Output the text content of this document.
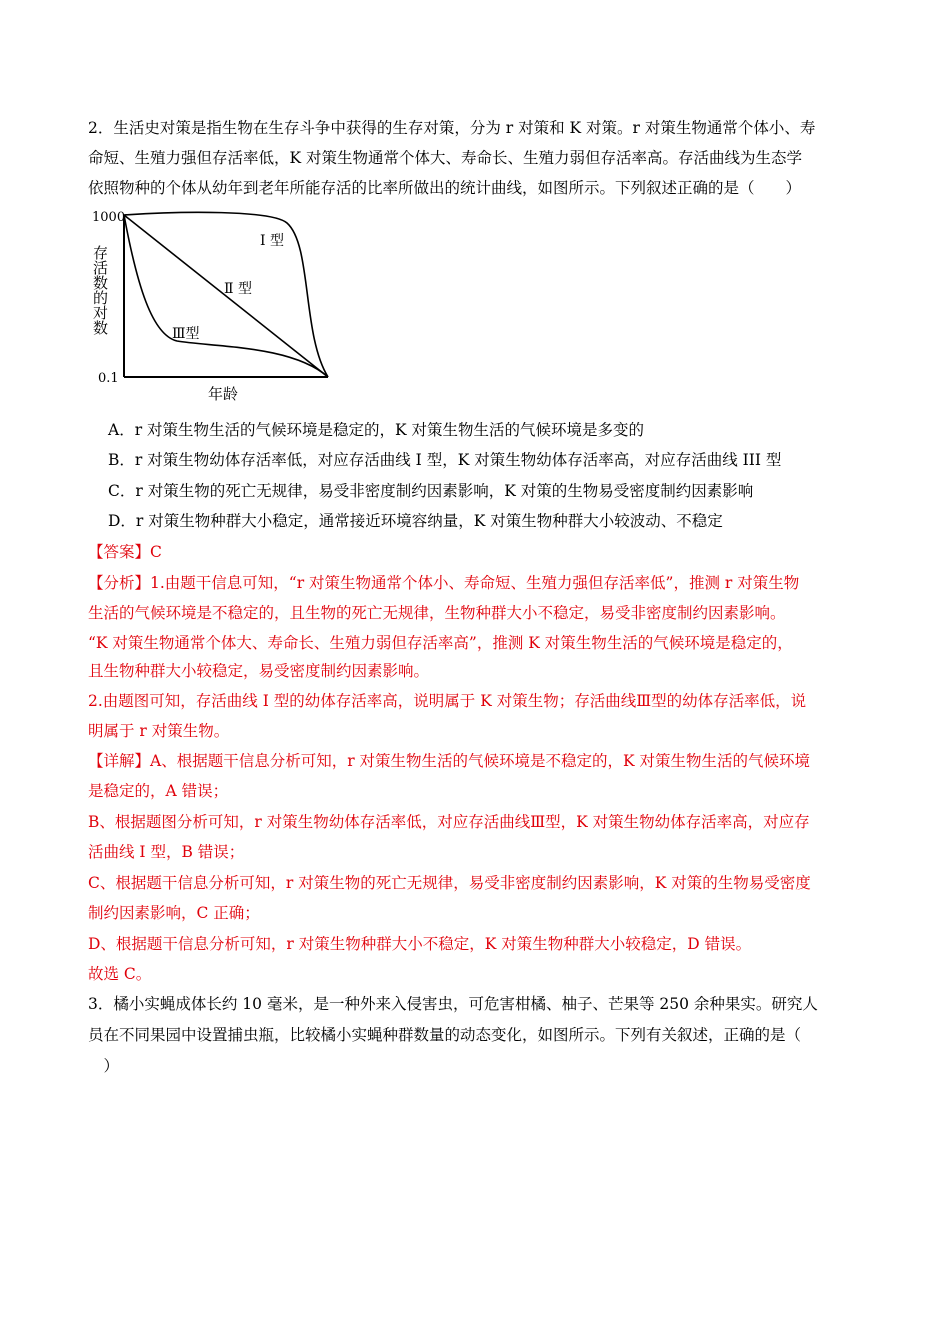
2．生活史对策是指生物在生存斗争中获得的生存对策，分为 r 对策和 K 对策。r 对策生物通常个体小、寿
命短、生殖力强但存活率低，K 对策生物通常个体大、寿命长、生殖力弱但存活率高。存活曲线为生态学
依照物种的个体从幼年到老年所能存活的比率所做出的统计曲线，如图所示。下列叙述正确的是（　　）
1000
0.1
I 型
Ⅱ 型
Ⅲ型
年龄
存活数的对数
A．r 对策生物生活的气候环境是稳定的，K 对策生物生活的气候环境是多变的
B．r 对策生物幼体存活率低，对应存活曲线 I 型，K 对策生物幼体存活率高，对应存活曲线 III 型
C．r 对策生物的死亡无规律，易受非密度制约因素影响，K 对策的生物易受密度制约因素影响
D．r 对策生物种群大小稳定，通常接近环境容纳量，K 对策生物种群大小较波动、不稳定
【答案】C
【分析】1.由题干信息可知，“r 对策生物通常个体小、寿命短、生殖力强但存活率低”，推测 r 对策生物
生活的气候环境是不稳定的，且生物的死亡无规律，生物种群大小不稳定，易受非密度制约因素影响。
“K 对策生物通常个体大、寿命长、生殖力弱但存活率高”，推测 K 对策生物生活的气候环境是稳定的，
且生物种群大小较稳定，易受密度制约因素影响。
2.由题图可知，存活曲线 I 型的幼体存活率高，说明属于 K 对策生物；存活曲线Ⅲ型的幼体存活率低，说
明属于 r 对策生物。
【详解】A、根据题干信息分析可知，r 对策生物生活的气候环境是不稳定的，K 对策生物生活的气候环境
是稳定的，A 错误；
B、根据题图分析可知，r 对策生物幼体存活率低，对应存活曲线Ⅲ型，K 对策生物幼体存活率高，对应存
活曲线 I 型，B 错误；
C、根据题干信息分析可知，r 对策生物的死亡无规律，易受非密度制约因素影响，K 对策的生物易受密度
制约因素影响，C 正确；
D、根据题干信息分析可知，r 对策生物种群大小不稳定，K 对策生物种群大小较稳定，D 错误。
故选 C。
3．橘小实蝇成体长约 10 毫米，是一种外来入侵害虫，可危害柑橘、柚子、芒果等 250 余种果实。研究人
员在不同果园中设置捕虫瓶，比较橘小实蝇种群数量的动态变化，如图所示。下列有关叙述，正确的是（
　）
